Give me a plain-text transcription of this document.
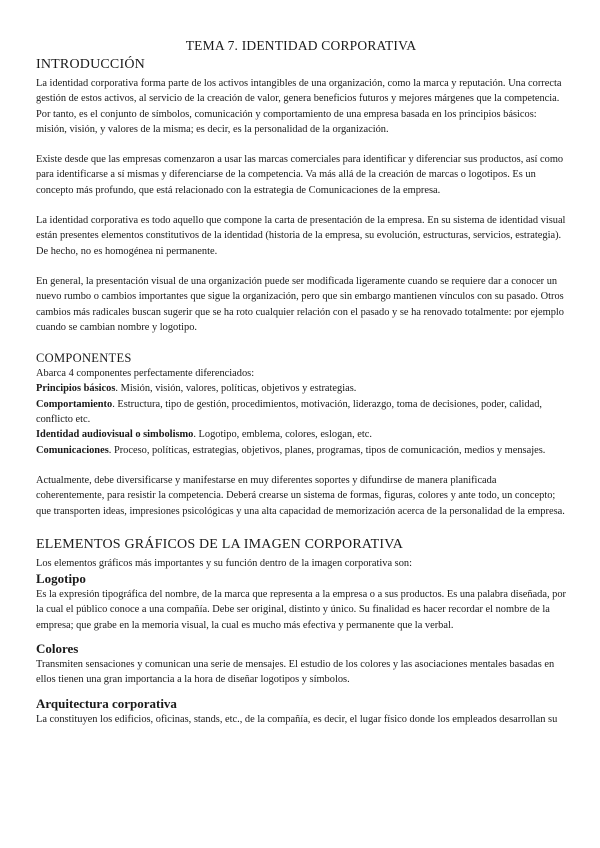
TEMA 7. IDENTIDAD CORPORATIVA
INTRODUCCIÓN

La identidad corporativa forma parte de los activos intangibles de una organización, como la marca y reputación. Una correcta gestión de estos activos, al servicio de la creación de valor, genera beneficios futuros y mejores márgenes que la competencia. Por tanto, es el conjunto de símbolos, comunicación y comportamiento de una empresa basada en los principios básicos: misión, visión, y valores de la misma; es decir, es la personalidad de la organización.

Existe desde que las empresas comenzaron a usar las marcas comerciales para identificar y diferenciar sus productos, así como para identificarse a sí mismas y diferenciarse de la competencia. Va más allá de la creación de marcas o logotipos. Es un concepto más profundo, que está relacionado con la estrategia de Comunicaciones de la empresa.

La identidad corporativa es todo aquello que compone la carta de presentación de la empresa. En su sistema de identidad visual están presentes elementos constitutivos de la identidad (historia de la empresa, su evolución, estructuras, servicios, estrategia). De hecho, no es homogénea ni permanente.

En general, la presentación visual de una organización puede ser modificada ligeramente cuando se requiere dar a conocer un nuevo rumbo o cambios importantes que sigue la organización, pero que sin embargo mantienen vínculos con su pasado. Otros cambios más radicales buscan sugerir que se ha roto cualquier relación con el pasado y se ha renovado totalmente: por ejemplo cuando se cambian nombre y logotipo.

COMPONENTES

Abarca 4 componentes perfectamente diferenciados:

Principios básicos. Misión, visión, valores, políticas, objetivos y estrategias.
Comportamiento. Estructura, tipo de gestión, procedimientos, motivación, liderazgo, toma de decisiones, poder, calidad, conflicto etc.
Identidad audiovisual o simbolismo. Logotipo, emblema, colores, eslogan, etc.
Comunicaciones. Proceso, políticas, estrategias, objetivos, planes, programas, tipos de comunicación, medios y mensajes.

Actualmente, debe diversificarse y manifestarse en muy diferentes soportes y difundirse de manera planificada coherentemente, para resistir la competencia. Deberá crearse un sistema de formas, figuras, colores y ante todo, un concepto; que transporten ideas, impresiones psicológicas y una alta capacidad de memorización acerca de la personalidad de la empresa.

ELEMENTOS GRÁFICOS DE LA IMAGEN CORPORATIVA

Los elementos gráficos más importantes y su función dentro de la imagen corporativa son:

Logotipo

Es la expresión tipográfica del nombre, de la marca que representa a la empresa o a sus productos. Es una palabra diseñada, por la cual el público conoce a una compañía. Debe ser original, distinto y único. Su finalidad es hacer recordar el nombre de la empresa; que grabe en la memoria visual, la cual es mucho más efectiva y permanente que la verbal.

Colores

Transmiten sensaciones y comunican una serie de mensajes. El estudio de los colores y las asociaciones mentales basadas en ellos tienen una gran importancia a la hora de diseñar logotipos y símbolos.

Arquitectura corporativa

La constituyen los edificios, oficinas, stands, etc., de la compañía, es decir, el lugar físico donde los empleados desarrollan su
